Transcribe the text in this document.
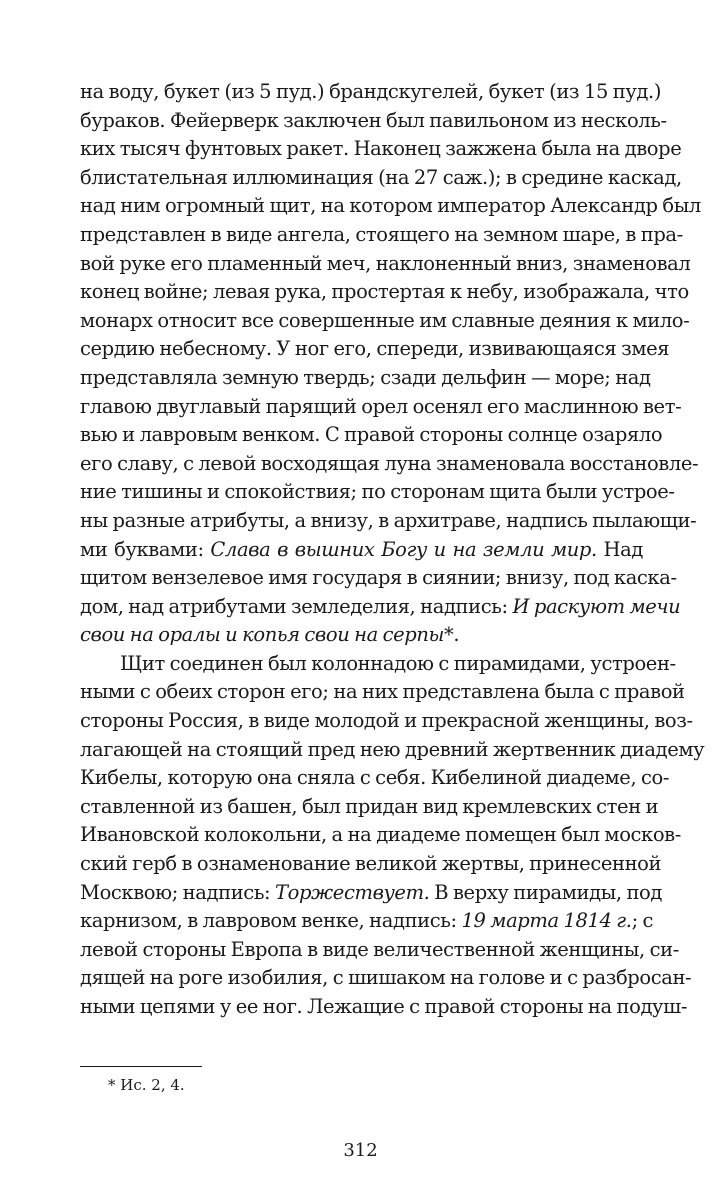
на воду, букет (из 5 пуд.) брандскугелей, букет (из 15 пуд.)
бураков. Фейерверк заключен был павильоном из несколь-
ких тысяч фунтовых ракет. Наконец зажжена была на дворе
блистательная иллюминация (на 27 саж.); в средине каскад,
над ним огромный щит, на котором император Александр был
представлен в виде ангела, стоящего на земном шаре, в пра-
вой руке его пламенный меч, наклоненный вниз, знаменовал
конец войне; левая рука, простертая к небу, изображала, что
монарх относит все совершенные им славные деяния к мило-
сердию небесному. У ног его, спереди, извивающаяся змея
представляла земную твердь; сзади дельфин — море; над
главою двуглавый парящий орел осенял его маслинною вет-
вью и лавровым венком. С правой стороны солнце озаряло
его славу, с левой восходящая луна знаменовала восстановле-
ние тишины и спокойствия; по сторонам щита были устрое-
ны разные атрибуты, а внизу, в архитраве, надпись пылающи-
ми буквами: Слава в вышних Богу и на земли мир. Над
щитом вензелевое имя государя в сиянии; внизу, под каска-
дом, над атрибутами земледелия, надпись: И раскуют мечи
свои на оралы и копья свои на серпы*.
Щит соединен был колоннадою с пирамидами, устроен-
ными с обеих сторон его; на них представлена была с правой
стороны Россия, в виде молодой и прекрасной женщины, воз-
лагающей на стоящий пред нею древний жертвенник диадему
Кибелы, которую она сняла с себя. Кибелиной диадеме, со-
ставленной из башен, был придан вид кремлевских стен и
Ивановской колокольни, а на диадеме помещен был москов-
ский герб в ознаменование великой жертвы, принесенной
Москвою; надпись: Торжествует. В верху пирамиды, под
карнизом, в лавровом венке, надпись: 19 марта 1814 г.; с
левой стороны Европа в виде величественной женщины, си-
дящей на роге изобилия, с шишаком на голове и с разбросан-
ными цепями у ее ног. Лежащие с правой стороны на подуш-
* Ис. 2, 4.
312
